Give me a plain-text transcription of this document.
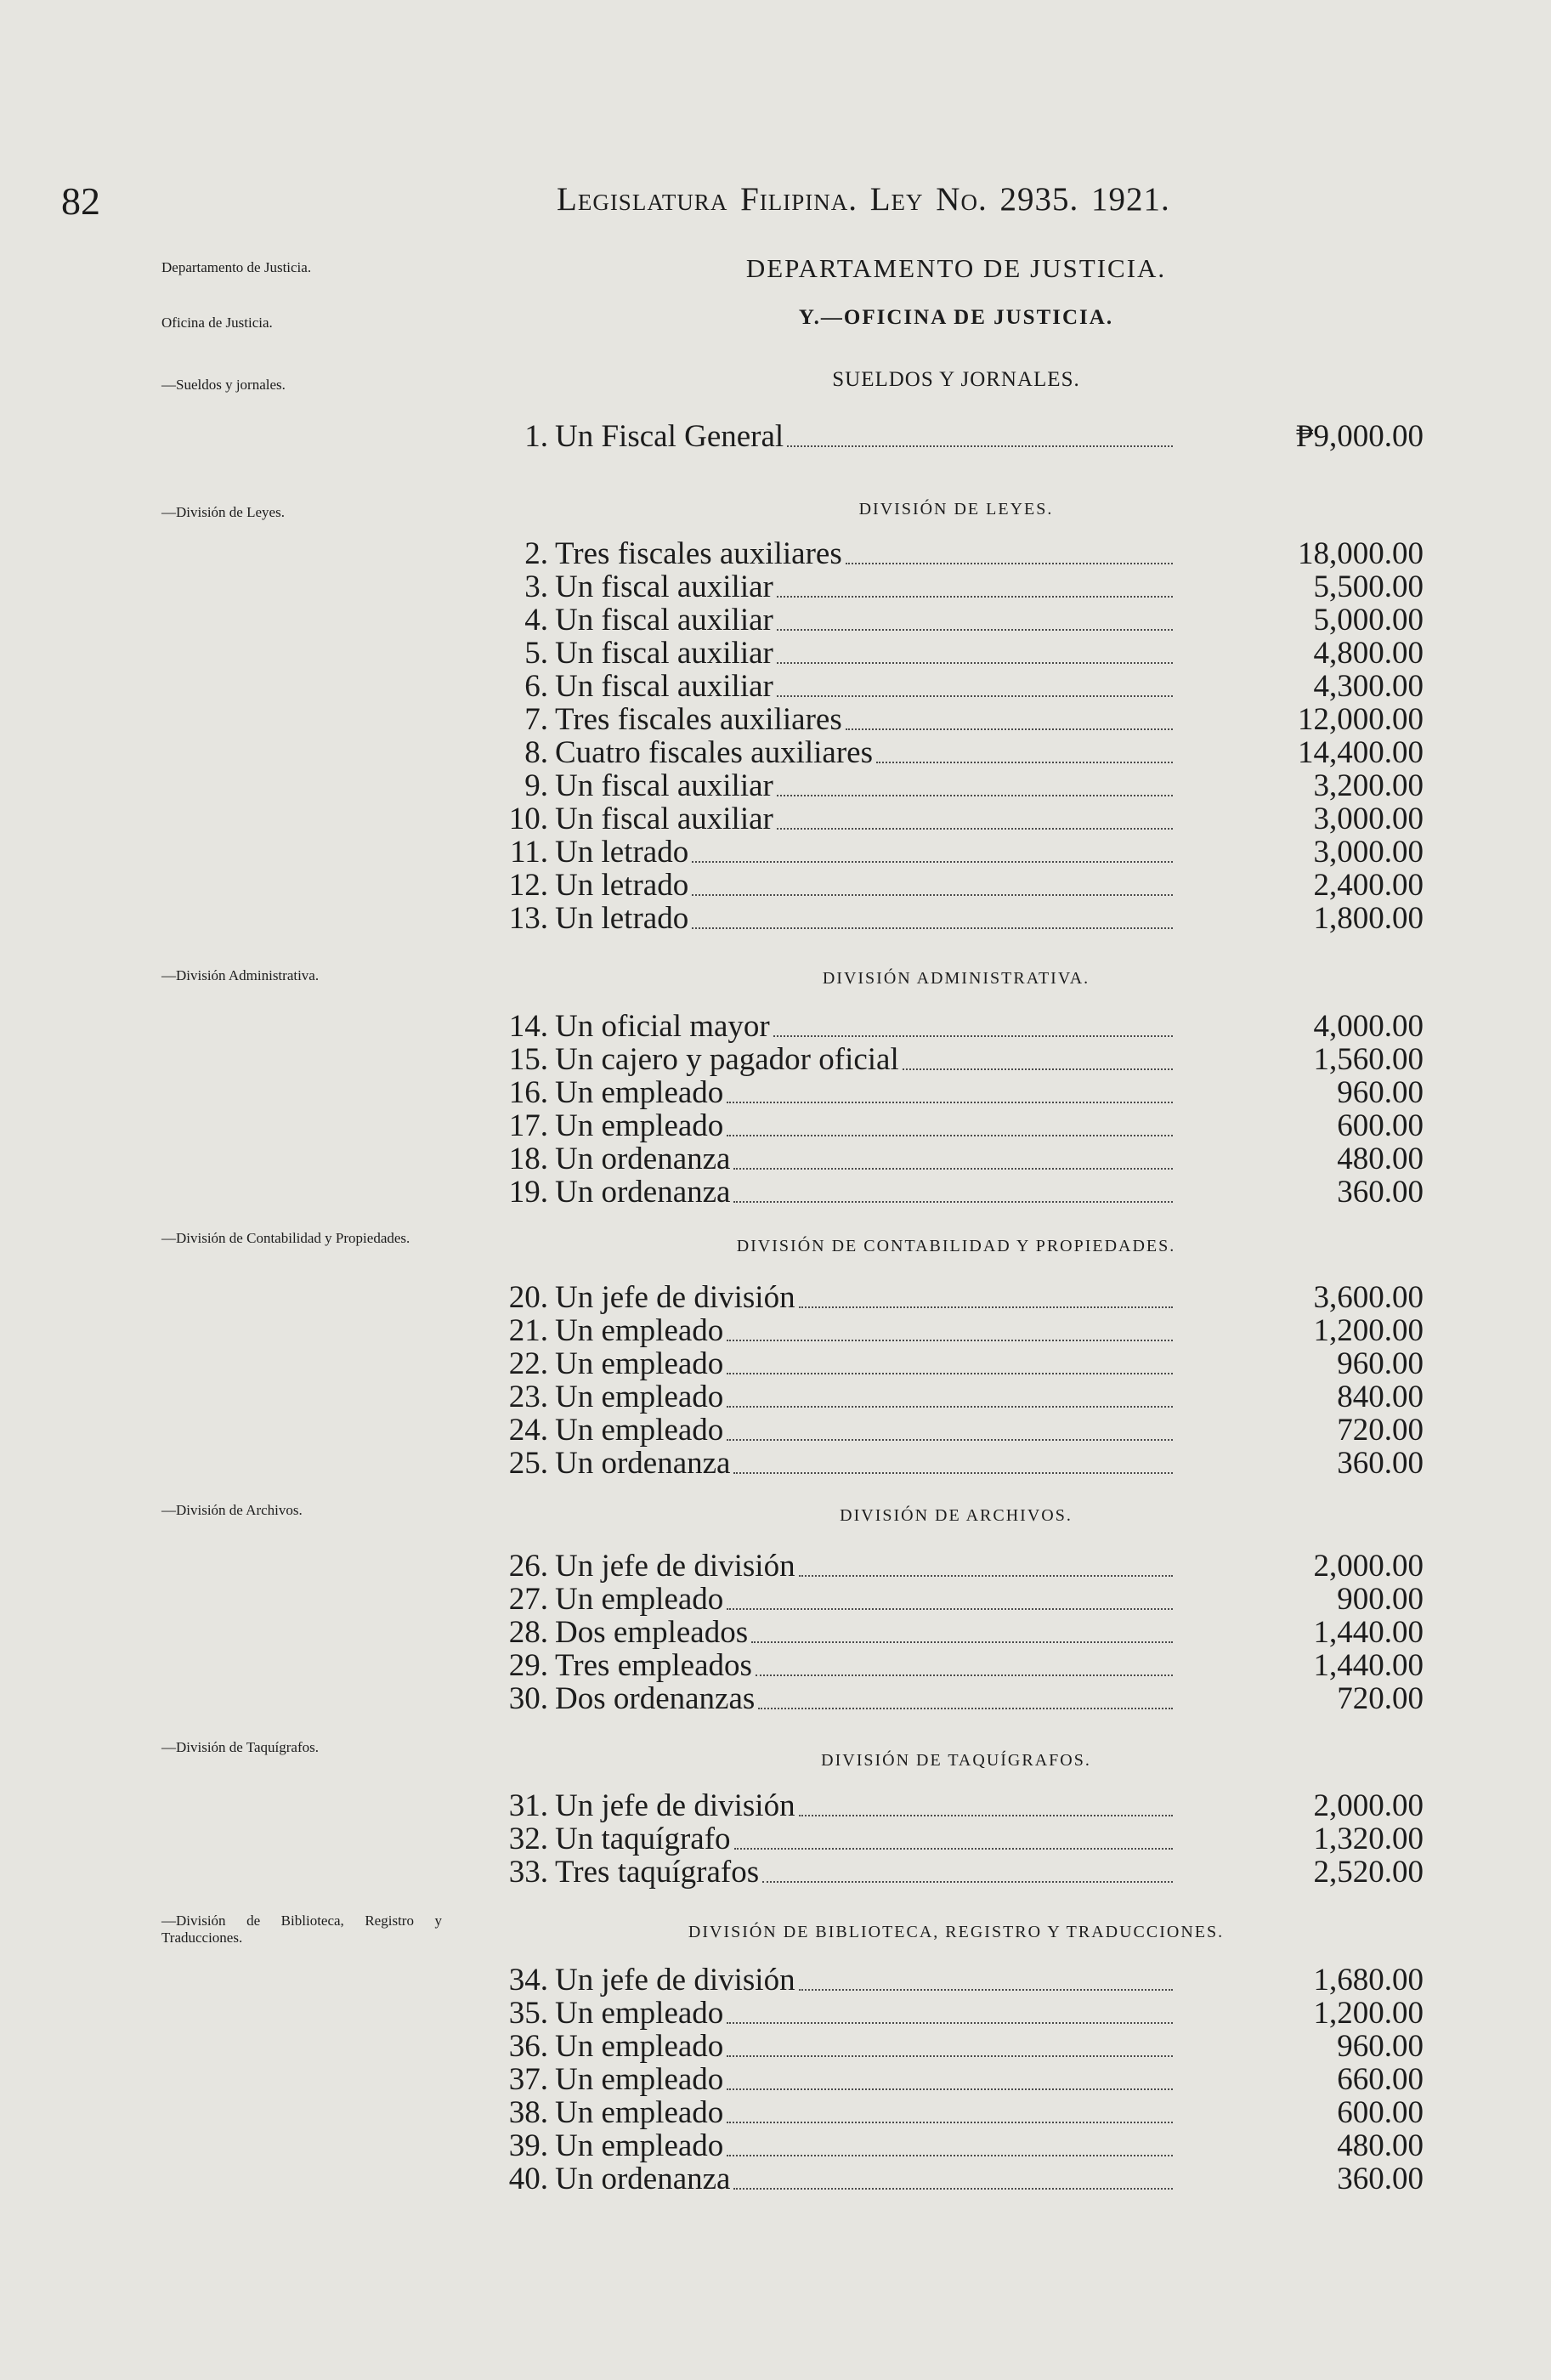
82	Legislatura Filipina. Ley No. 2935. 1921.
Departamento de Justicia.
Oficina de Justicia.
—Sueldos y jornales.
—División de Leyes.
—División Administrativa.
—División de Contabilidad y Propiedades.
—División de Archivos.
—División de Taquígrafos.
—División de Biblioteca, Registro y Traducciones.
DEPARTAMENTO DE JUSTICIA.
Y.—OFICINA DE JUSTICIA.
SUELDOS Y JORNALES.
DIVISIÓN DE LEYES.
DIVISIÓN ADMINISTRATIVA.
DIVISIÓN DE CONTABILIDAD Y PROPIEDADES.
DIVISIÓN DE ARCHIVOS.
DIVISIÓN DE TAQUÍGRAFOS.
DIVISIÓN DE BIBLIOTECA, REGISTRO Y TRADUCCIONES.
1. Un Fiscal General	₱9,000.00
2. Tres fiscales auxiliares	18,000.00
3. Un fiscal auxiliar	5,500.00
4. Un fiscal auxiliar	5,000.00
5. Un fiscal auxiliar	4,800.00
6. Un fiscal auxiliar	4,300.00
7. Tres fiscales auxiliares	12,000.00
8. Cuatro fiscales auxiliares	14,400.00
9. Un fiscal auxiliar	3,200.00
10. Un fiscal auxiliar	3,000.00
11. Un letrado	3,000.00
12. Un letrado	2,400.00
13. Un letrado	1,800.00
14. Un oficial mayor	4,000.00
15. Un cajero y pagador oficial	1,560.00
16. Un empleado	960.00
17. Un empleado	600.00
18. Un ordenanza	480.00
19. Un ordenanza	360.00
20. Un jefe de división	3,600.00
21. Un empleado	1,200.00
22. Un empleado	960.00
23. Un empleado	840.00
24. Un empleado	720.00
25. Un ordenanza	360.00
26. Un jefe de división	2,000.00
27. Un empleado	900.00
28. Dos empleados	1,440.00
29. Tres empleados	1,440.00
30. Dos ordenanzas	720.00
31. Un jefe de división	2,000.00
32. Un taquígrafo	1,320.00
33. Tres taquígrafos	2,520.00
34. Un jefe de división	1,680.00
35. Un empleado	1,200.00
36. Un empleado	960.00
37. Un empleado	660.00
38. Un empleado	600.00
39. Un empleado	480.00
40. Un ordenanza	360.00
